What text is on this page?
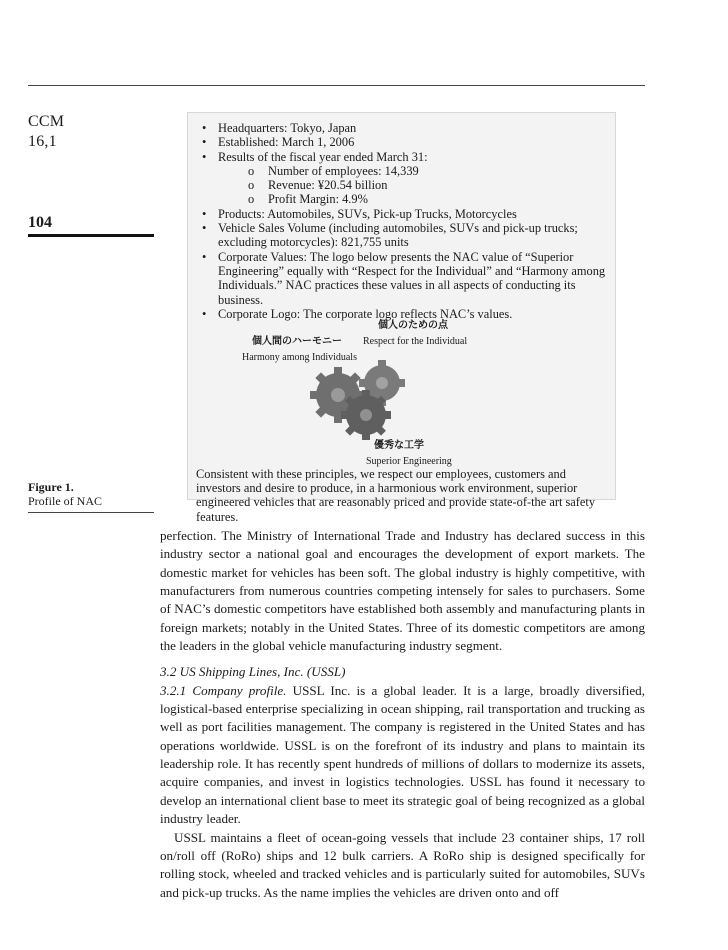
CCM
16,1
104
Figure 1.
Profile of NAC
• Headquarters: Tokyo, Japan
• Established: March 1, 2006
• Results of the fiscal year ended March 31:
o Number of employees: 14,339
o Revenue: ¥20.54 billion
o Profit Margin: 4.9%
• Products: Automobiles, SUVs, Pick-up Trucks, Motorcycles
• Vehicle Sales Volume (including automobiles, SUVs and pick-up trucks; excluding motorcycles): 821,755 units
• Corporate Values: The logo below presents the NAC value of “Superior Engineering” equally with “Respect for the Individual” and “Harmony among Individuals.” NAC practices these values in all aspects of conducting its business.
• Corporate Logo: The corporate logo reflects NAC’s values.
個人のための点
Respect for the Individual
個人間のハーモニー
Harmony among Individuals
優秀な工学
Superior Engineering
Consistent with these principles, we respect our employees, customers and investors and desire to produce, in a harmonious work environment, superior engineered vehicles that are reasonably priced and provide state-of-the art safety features.

perfection. The Ministry of International Trade and Industry has declared success in this industry sector a national goal and encourages the development of export markets. The domestic market for vehicles has been soft. The global industry is highly competitive, with manufacturers from numerous countries competing intensely for sales to purchasers. Some of NAC’s domestic competitors have established both assembly and manufacturing plants in foreign markets; notably in the United States. Three of its domestic competitors are among the leaders in the global vehicle manufacturing industry segment.

3.2 US Shipping Lines, Inc. (USSL)

3.2.1 Company profile. USSL Inc. is a global leader. It is a large, broadly diversified, logistical-based enterprise specializing in ocean shipping, rail transportation and trucking as well as port facilities management. The company is registered in the United States and has operations worldwide. USSL is on the forefront of its industry and plans to maintain its leadership role. It has recently spent hundreds of millions of dollars to modernize its assets, acquire companies, and invest in logistics technologies. USSL has found it necessary to develop an international client base to meet its strategic goal of being recognized as a global industry leader.

USSL maintains a fleet of ocean-going vessels that include 23 container ships, 17 roll on/roll off (RoRo) ships and 12 bulk carriers. A RoRo ship is designed specifically for rolling stock, wheeled and tracked vehicles and is particularly suited for automobiles, SUVs and pick-up trucks. As the name implies the vehicles are driven onto and off
